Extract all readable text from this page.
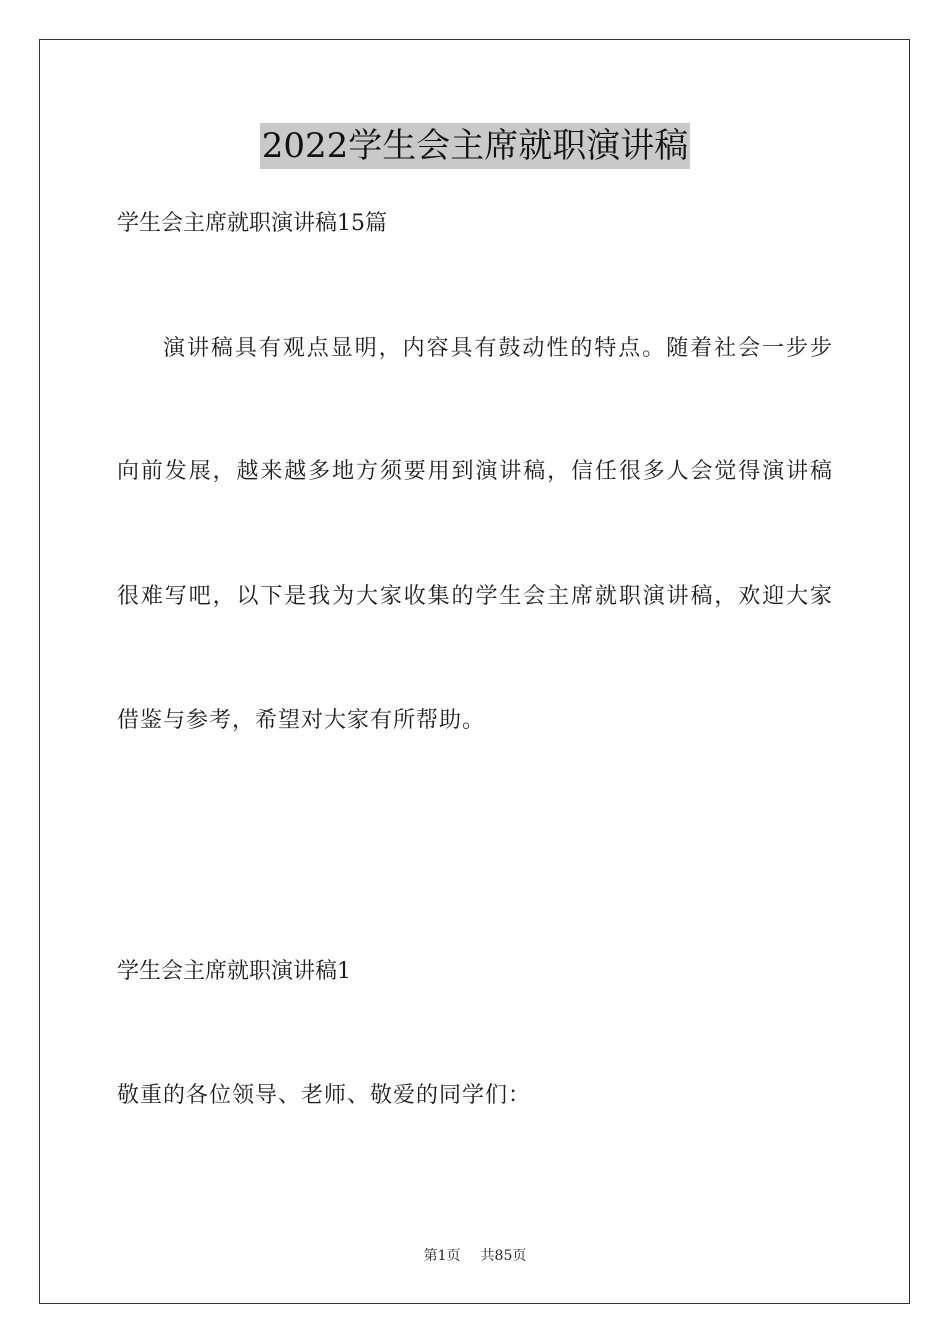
2022学生会主席就职演讲稿
学生会主席就职演讲稿15篇
演讲稿具有观点显明，内容具有鼓动性的特点。随着社会一步步
向前发展，越来越多地方须要用到演讲稿，信任很多人会觉得演讲稿
很难写吧，以下是我为大家收集的学生会主席就职演讲稿，欢迎大家
借鉴与参考，希望对大家有所帮助。
学生会主席就职演讲稿1
敬重的各位领导、老师、敬爱的同学们：
第1页 共85页
